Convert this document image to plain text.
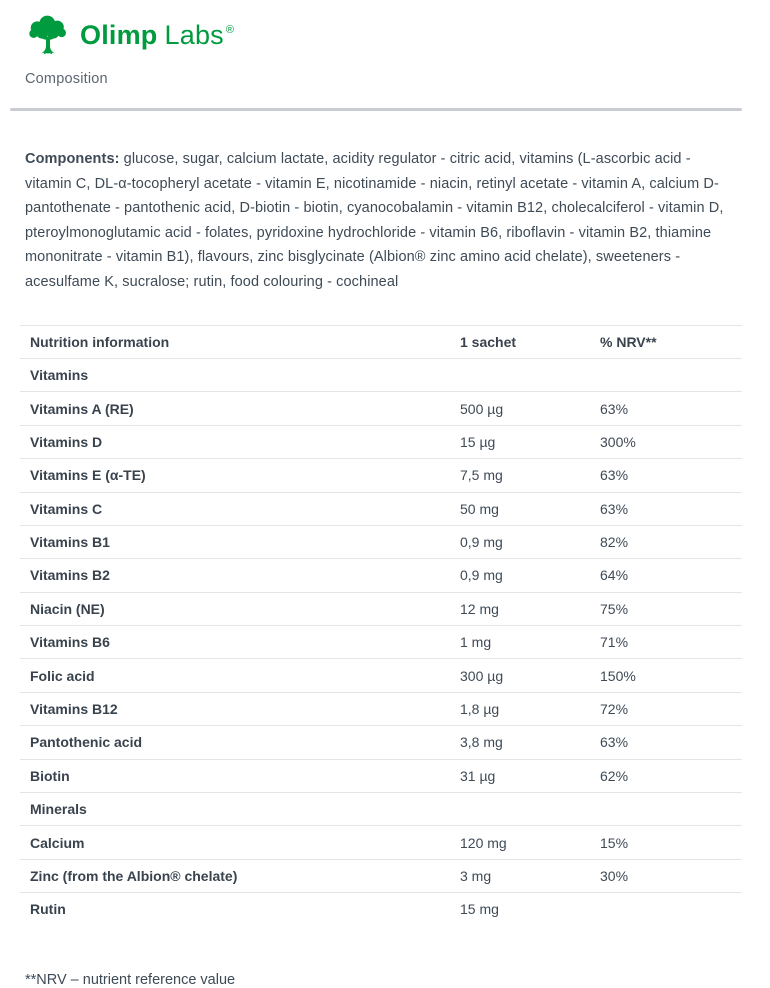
Olimp Labs ®
Composition

Components: glucose, sugar, calcium lactate, acidity regulator - citric acid, vitamins (L-ascorbic acid - vitamin C, DL-α-tocopheryl acetate - vitamin E, nicotinamide - niacin, retinyl acetate - vitamin A, calcium D-pantothenate - pantothenic acid, D-biotin - biotin, cyanocobalamin - vitamin B12, cholecalciferol - vitamin D, pteroylmonoglutamic acid - folates, pyridoxine hydrochloride - vitamin B6, riboflavin - vitamin B2, thiamine mononitrate - vitamin B1), flavours, zinc bisglycinate (Albion® zinc amino acid chelate), sweeteners - acesulfame K, sucralose; rutin, food colouring - cochineal

Nutrition information	1 sachet	% NRV**
Vitamins
Vitamins A (RE)	500 µg	63%
Vitamins D	15 µg	300%
Vitamins E (α-TE)	7,5 mg	63%
Vitamins C	50 mg	63%
Vitamins B1	0,9 mg	82%
Vitamins B2	0,9 mg	64%
Niacin (NE)	12 mg	75%
Vitamins B6	1 mg	71%
Folic acid	300 µg	150%
Vitamins B12	1,8 µg	72%
Pantothenic acid	3,8 mg	63%
Biotin	31 µg	62%
Minerals
Calcium	120 mg	15%
Zinc (from the Albion® chelate)	3 mg	30%
Rutin	15 mg
**NRV – nutrient reference value
